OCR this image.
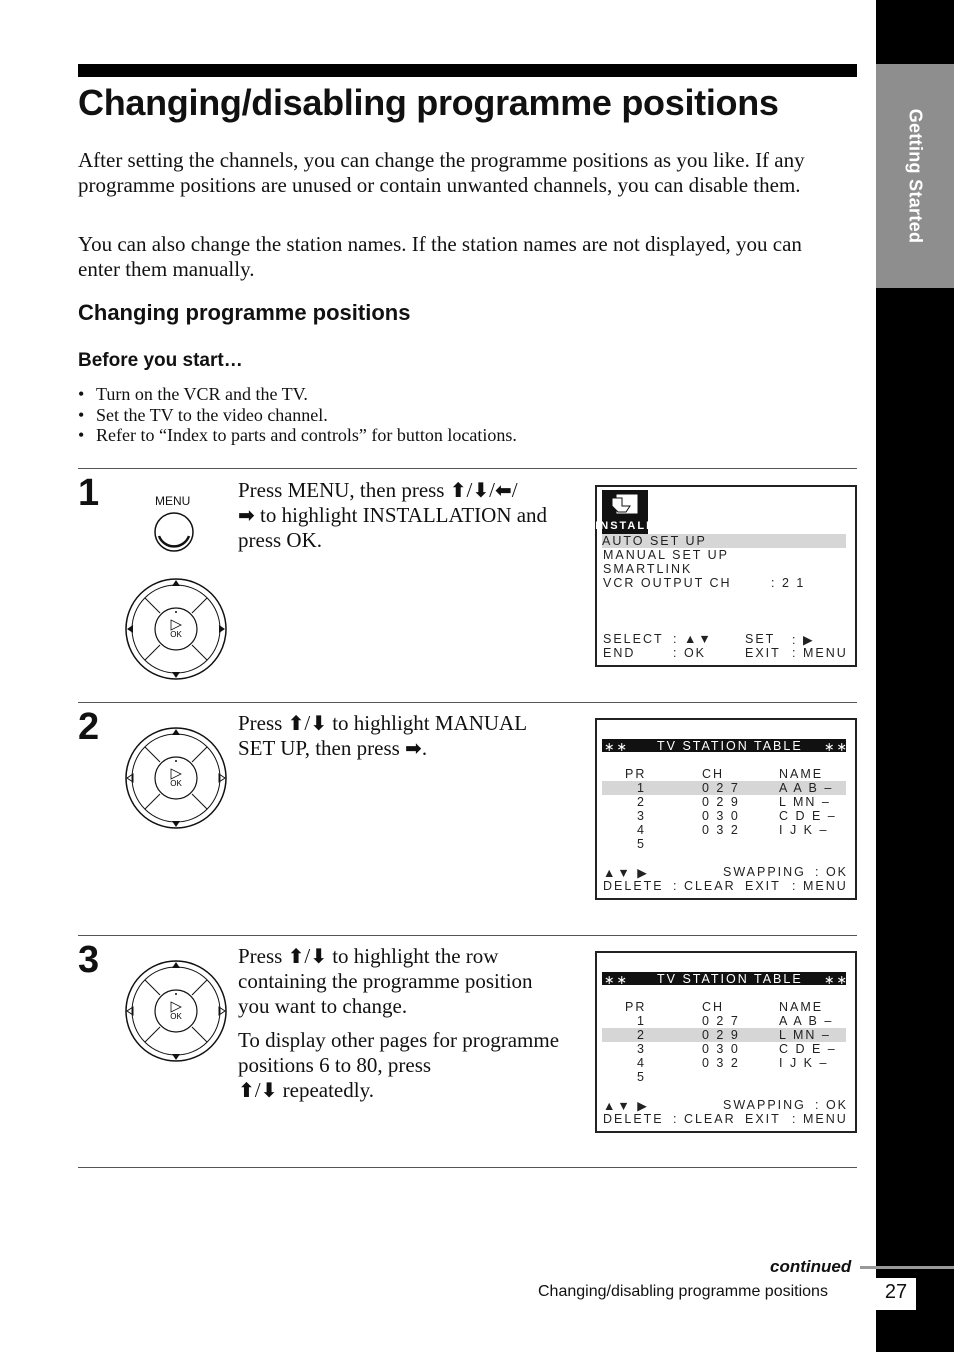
Getting Started
Changing/disabling programme positions
After setting the channels, you can change the programme positions as you like. If any programme positions are unused or contain unwanted channels, you can disable them.
You can also change the station names. If the station names are not displayed, you can enter them manually.
Changing programme positions
Before you start…
• Turn on the VCR and the TV.
• Set the TV to the video channel.
• Refer to “Index to parts and controls” for button locations.
1	MENU
OK

Press MENU, then press ⬆/⬇/⬅/
➡ to highlight INSTALLATION and press OK.

INSTALL
AUTO SET UP
MANUAL SET UP
SMARTLINK
VCR OUTPUT CH	: 2 1
SELECT : ▲▼	SET : ▶
END	: OK	EXIT : MENU
2
OK

Press ⬆/⬇ to highlight MANUAL SET UP, then press ➡.	∗∗ TV STATION TABLE ∗∗
PR	CH	NAME
1	0 2 7	A A B –
2	0 2 9	L MN –
3	0 3 0	C D E –
4	0 3 2	I J K –
5
▲▼ ▶	SWAPPING : OK
DELETE : CLEAR EXIT : MENU
3
OK

Press ⬆/⬇ to highlight the row containing the programme position you want to change.

To display other pages for programme positions 6 to 80, press
⬆/⬇ repeatedly.

∗∗ TV STATION TABLE ∗∗
PR	CH	NAME
1	0 2 7	A A B –
2	0 2 9	L MN –
3	0 3 0	C D E –
4	0 3 2	I J K –
5
▲▼ ▶	SWAPPING : OK
DELETE : CLEAR EXIT : MENU
continued
Changing/disabling programme positions	27
